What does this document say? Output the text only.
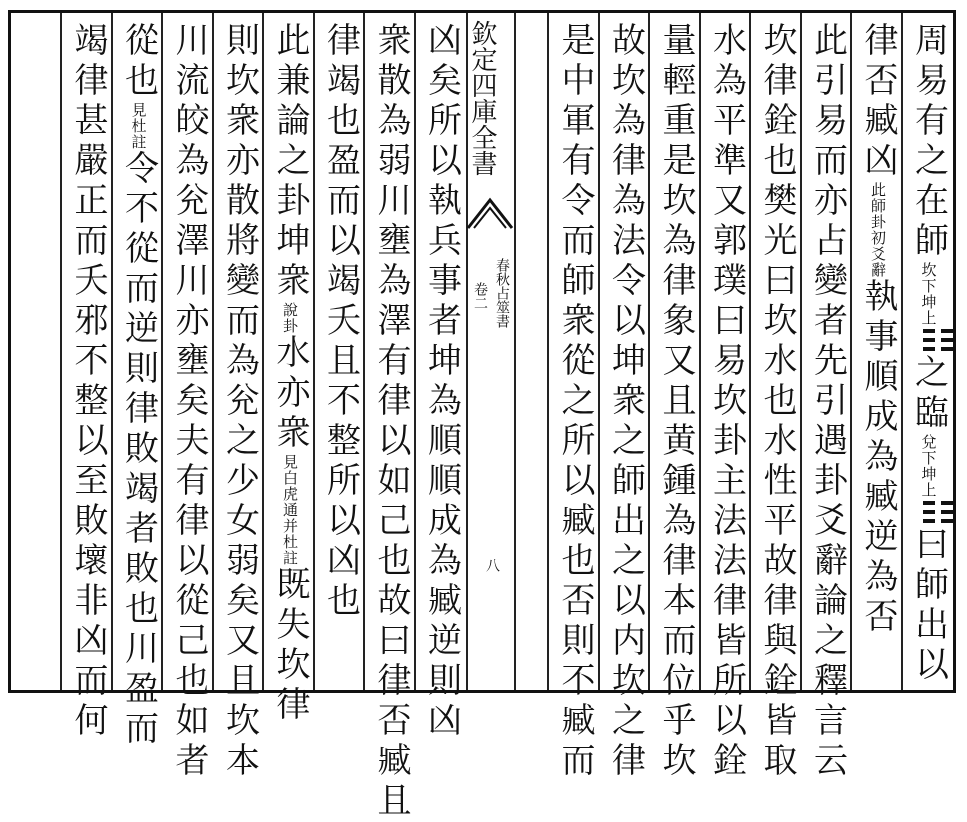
周易有之在師坎下坤上之臨兌下坤上曰師出以
律否臧凶此師卦初爻辭執事順成為臧逆為否
此引易而亦占變者先引遇卦爻辭論之釋言云
坎律銓也樊光曰坎水也水性平故律與銓皆取
水為平準又郭璞曰易坎卦主法法律皆所以銓
量輕重是坎為律象又且黄鍾為律本而位乎坎
故坎為律為法令以坤衆之師出之以内坎之律
是中軍有令而師衆從之所以臧也否則不臧而
凶矣所以執兵事者坤為順順成為臧逆則凶
衆散為弱川壅為澤有律以如己也故曰律否臧且
律竭也盈而以竭夭且不整所以凶也
此兼論之卦坤衆說卦水亦衆見白虎通并杜註既失坎律
則坎衆亦散將變而為兊之少女弱矣又且坎本
川流皎為兊澤川亦壅矣夫有律以從己也如者
從也見杜註令不從而逆則律敗竭者敗也川盈而
竭律甚嚴正而夭邪不整以至敗壞非凶而何	欽定四庫全書
春秋占筮書
卷二
八
